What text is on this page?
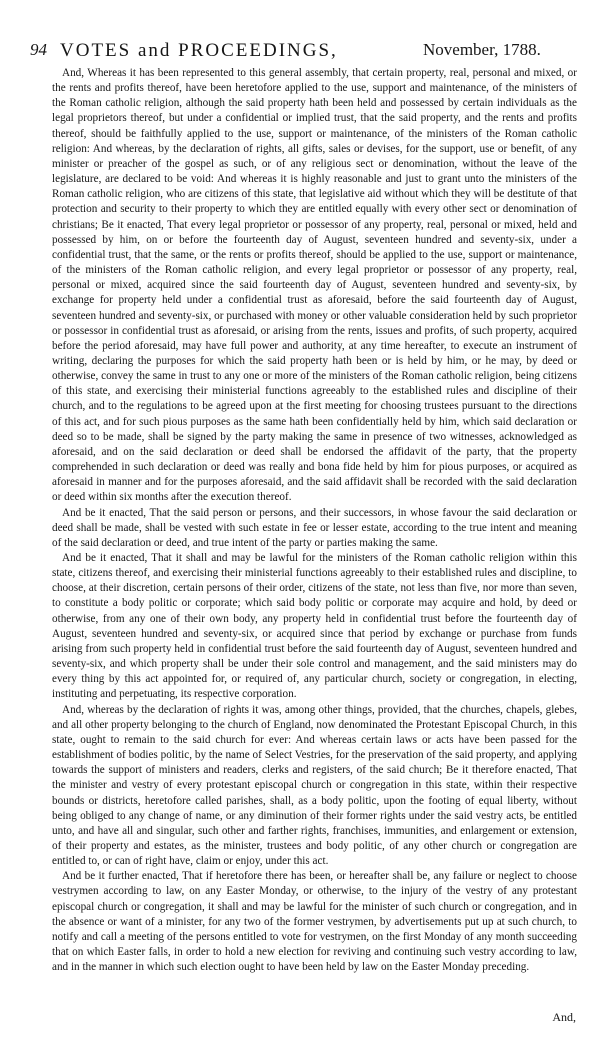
94 VOTES and PROCEEDINGS,	November, 1788.

And, Whereas it has been represented to this general assembly, that certain property, real, personal and mixed, or the rents and profits thereof, have been heretofore applied to the use, support and maintenance, of the ministers of the Roman catholic religion, although the said property hath been held and possessed by certain individuals as the legal proprietors thereof, but under a confidential or implied trust, that the said property, and the rents and profits thereof, should be faithfully applied to the use, support or maintenance, of the ministers of the Roman catholic religion: And whereas, by the declaration of rights, all gifts, sales or devises, for the support, use or benefit, of any minister or preacher of the gospel as such, or of any religious sect or denomination, without the leave of the legislature, are declared to be void: And whereas it is highly reasonable and just to grant unto the ministers of the Roman catholic religion, who are citizens of this state, that legislative aid without which they will be destitute of that protection and security to their property to which they are entitled equally with every other sect or denomination of christians; Be it enacted, That every legal proprietor or possessor of any property, real, personal or mixed, held and possessed by him, on or before the fourteenth day of August, seventeen hundred and seventy-six, under a confidential trust, that the same, or the rents or profits thereof, should be applied to the use, support or maintenance, of the ministers of the Roman catholic religion, and every legal proprietor or possessor of any property, real, personal or mixed, acquired since the said fourteenth day of August, seventeen hundred and seventy-six, by exchange for property held under a confidential trust as aforesaid, before the said fourteenth day of August, seventeen hundred and seventy-six, or purchased with money or other valuable consideration held by such proprietor or possessor in confidential trust as aforesaid, or arising from the rents, issues and profits, of such property, acquired before the period aforesaid, may have full power and authority, at any time hereafter, to execute an instrument of writing, declaring the purposes for which the said property hath been or is held by him, or he may, by deed or otherwise, convey the same in trust to any one or more of the ministers of the Roman catholic religion, being citizens of this state, and exercising their ministerial functions agreeably to the established rules and discipline of their church, and to the regulations to be agreed upon at the first meeting for choosing trustees pursuant to the directions of this act, and for such pious purposes as the same hath been confidentially held by him, which said declaration or deed so to be made, shall be signed by the party making the same in presence of two witnesses, acknowledged as aforesaid, and on the said declaration or deed shall be endorsed the affidavit of the party, that the property comprehended in such declaration or deed was really and bona fide held by him for pious purposes, or acquired as aforesaid in manner and for the purposes aforesaid, and the said affidavit shall be recorded with the said declaration or deed within six months after the execution thereof.

And be it enacted, That the said person or persons, and their successors, in whose favour the said declaration or deed shall be made, shall be vested with such estate in fee or lesser estate, according to the true intent and meaning of the said declaration or deed, and true intent of the party or parties making the same.

And be it enacted, That it shall and may be lawful for the ministers of the Roman catholic religion within this state, citizens thereof, and exercising their ministerial functions agreeably to their established rules and discipline, to choose, at their discretion, certain persons of their order, citizens of the state, not less than five, nor more than seven, to constitute a body politic or corporate; which said body politic or corporate may acquire and hold, by deed or otherwise, from any one of their own body, any property held in confidential trust before the fourteenth day of August, seventeen hundred and seventy-six, or acquired since that period by exchange or purchase from funds arising from such property held in confidential trust before the said fourteenth day of August, seventeen hundred and seventy-six, and which property shall be under their sole control and management, and the said ministers may do every thing by this act appointed for, or required of, any particular church, society or congregation, in electing, instituting and perpetuating, its respective corporation.

And, whereas by the declaration of rights it was, among other things, provided, that the churches, chapels, glebes, and all other property belonging to the church of England, now denominated the Protestant Episcopal Church, in this state, ought to remain to the said church for ever: And whereas certain laws or acts have been passed for the establishment of bodies politic, by the name of Select Vestries, for the preservation of the said property, and applying towards the support of ministers and readers, clerks and registers, of the said church; Be it therefore enacted, That the minister and vestry of every protestant episcopal church or congregation in this state, within their respective bounds or districts, heretofore called parishes, shall, as a body politic, upon the footing of equal liberty, without being obliged to any change of name, or any diminution of their former rights under the said vestry acts, be entitled unto, and have all and singular, such other and farther rights, franchises, immunities, and enlargement or extension, of their property and estates, as the minister, trustees and body politic, of any other church or congregation are entitled to, or can of right have, claim or enjoy, under this act.

And be it further enacted, That if heretofore there has been, or hereafter shall be, any failure or neglect to choose vestrymen according to law, on any Easter Monday, or otherwise, to the injury of the vestry of any protestant episcopal church or congregation, it shall and may be lawful for the minister of such church or congregation, and in the absence or want of a minister, for any two of the former vestrymen, by advertisements put up at such church, to notify and call a meeting of the persons entitled to vote for vestrymen, on the first Monday of any month succeeding that on which Easter falls, in order to hold a new election for reviving and continuing such vestry according to law, and in the manner in which such election ought to have been held by law on the Easter Monday preceding.

And,
